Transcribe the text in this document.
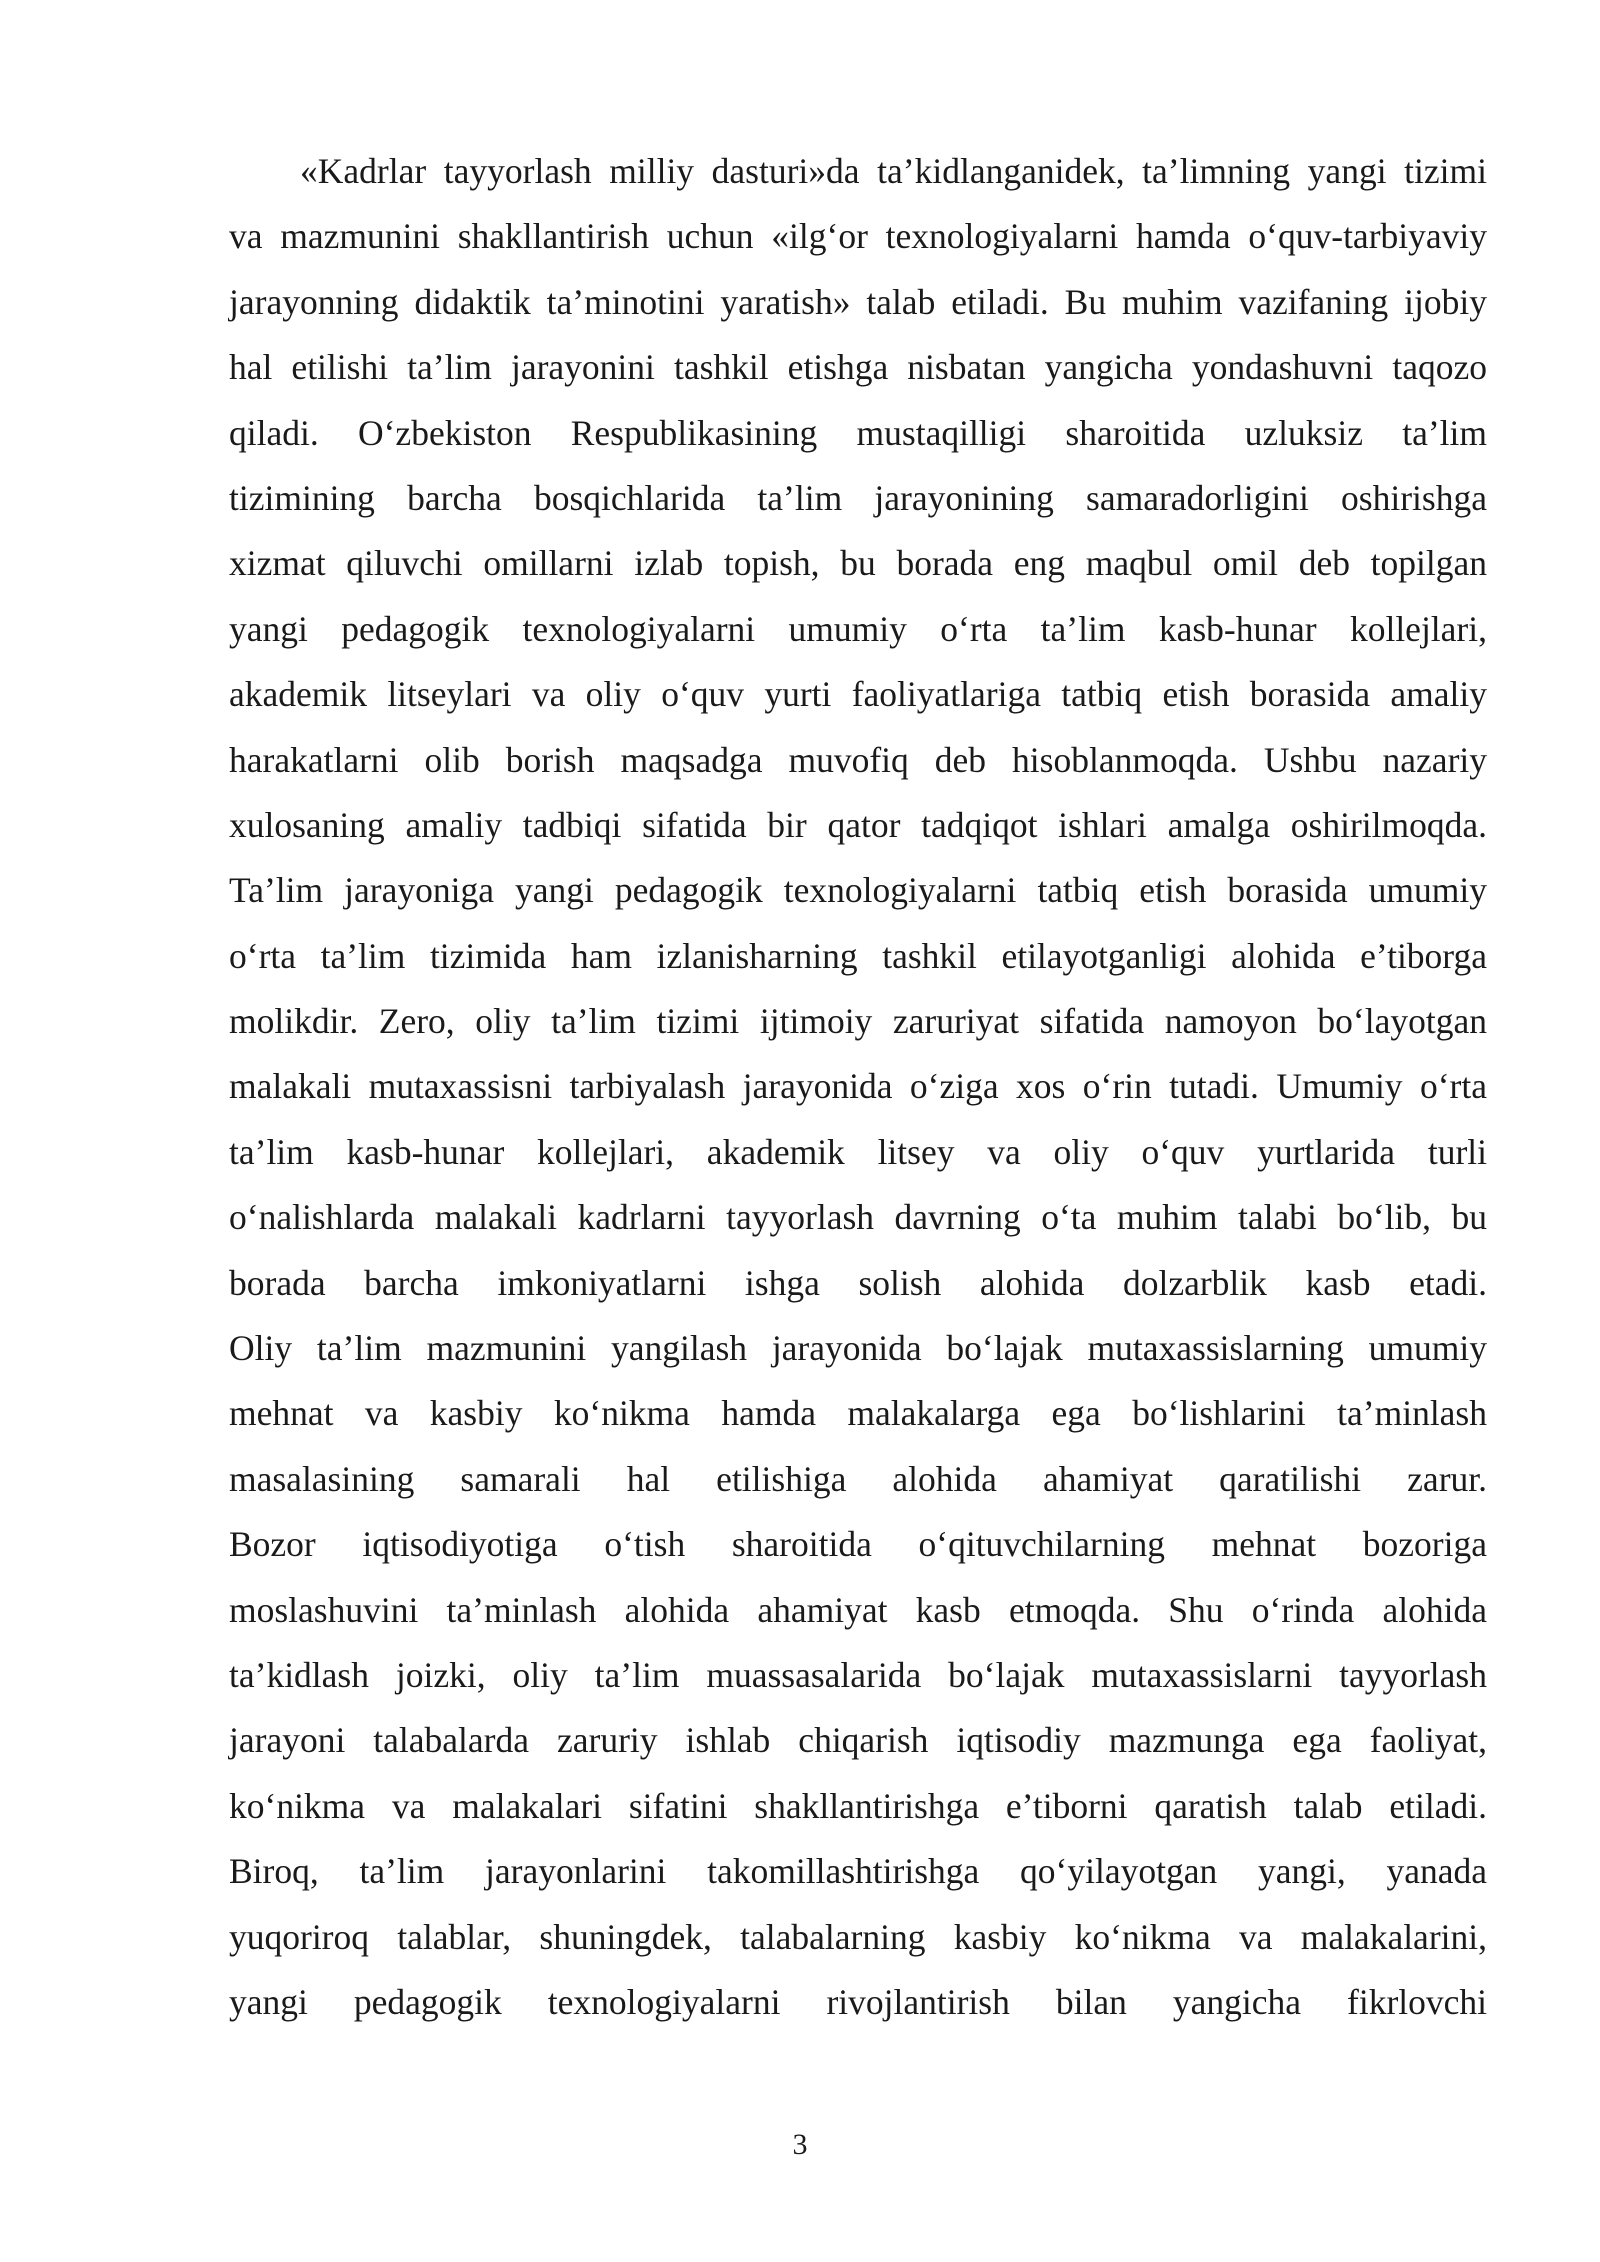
«Kadrlar tayyorlash milliy dasturi»da ta’kidlanganidek, ta’limning yangi tizimi
va mazmunini shakllantirish uchun «ilg‘or texnologiyalarni hamda o‘quv-tarbiyaviy
jarayonning didaktik ta’minotini yaratish» talab etiladi. Bu muhim vazifaning ijobiy
hal etilishi ta’lim jarayonini tashkil etishga nisbatan yangicha yondashuvni taqozo
qiladi. O‘zbekiston Respublikasining mustaqilligi sharoitida uzluksiz ta’lim
tizimining barcha bosqichlarida ta’lim jarayonining samaradorligini oshirishga
xizmat qiluvchi omillarni izlab topish, bu borada eng maqbul omil deb topilgan
yangi pedagogik texnologiyalarni umumiy o‘rta ta’lim kasb-hunar kollejlari,
akademik litseylari va oliy o‘quv yurti faoliyatlariga tatbiq etish borasida amaliy
harakatlarni olib borish maqsadga muvofiq deb hisoblanmoqda. Ushbu nazariy
xulosaning amaliy tadbiqi sifatida bir qator tadqiqot ishlari amalga oshirilmoqda.
Ta’lim jarayoniga yangi pedagogik texnologiyalarni tatbiq etish borasida umumiy
o‘rta ta’lim tizimida ham izlanisharning tashkil etilayotganligi alohida e’tiborga
molikdir. Zero, oliy ta’lim tizimi ijtimoiy zaruriyat sifatida namoyon bo‘layotgan
malakali mutaxassisni tarbiyalash jarayonida o‘ziga xos o‘rin tutadi. Umumiy o‘rta
ta’lim kasb-hunar kollejlari, akademik litsey va oliy o‘quv yurtlarida turli
o‘nalishlarda malakali kadrlarni tayyorlash davrning o‘ta muhim talabi bo‘lib, bu
borada barcha imkoniyatlarni ishga solish alohida dolzarblik kasb etadi.
Oliy ta’lim mazmunini yangilash jarayonida bo‘lajak mutaxassislarning umumiy
mehnat va kasbiy ko‘nikma hamda malakalarga ega bo‘lishlarini ta’minlash
masalasining samarali hal etilishiga alohida ahamiyat qaratilishi zarur.
Bozor iqtisodiyotiga o‘tish sharoitida o‘qituvchilarning mehnat bozoriga
moslashuvini ta’minlash alohida ahamiyat kasb etmoqda. Shu o‘rinda alohida
ta’kidlash joizki, oliy ta’lim muassasalarida bo‘lajak mutaxassislarni tayyorlash
jarayoni talabalarda zaruriy ishlab chiqarish iqtisodiy mazmunga ega faoliyat,
ko‘nikma va malakalari sifatini shakllantirishga e’tiborni qaratish talab etiladi.
Biroq, ta’lim jarayonlarini takomillashtirishga qo‘yilayotgan yangi, yanada
yuqoriroq talablar, shuningdek, talabalarning kasbiy ko‘nikma va malakalarini,
yangi pedagogik texnologiyalarni rivojlantirish bilan yangicha fikrlovchi
3
